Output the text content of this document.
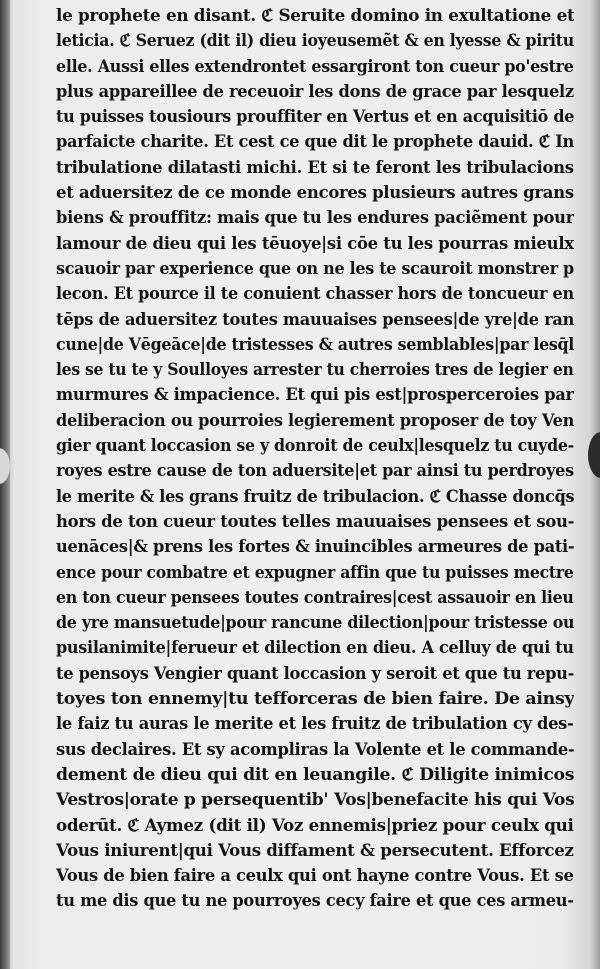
le prophete en disant. ℭ Seruite domino in exultatione et
leticia. ℭ Seruez (dit il) dieu ioyeusemẽt & en lyesse & piritu
elle. Aussi elles extendrontet essargiront ton cueur po'estre
plus appareillee de receuoir les dons de grace par lesquelz
tu puisses tousiours prouffiter en Vertus et en acquisitiō de
parfaicte charite. Et cest ce que dit le prophete dauid. ℭ In
tribulatione dilatasti michi. Et si te feront les tribulacions
et aduersitez de ce monde encores plusieurs autres grans
biens & prouffitz: mais que tu les endures paciẽment pour
lamour de dieu qui les tēuoye|si cōe tu les pourras mieulx
scauoir par experience que on ne les te scauroit monstrer p
lecon. Et pource il te conuient chasser hors de toncueur en
tēps de aduersitez toutes mauuaises pensees|de yre|de ran
cune|de Vēgeāce|de tristesses & autres semblables|par lesq̄l
les se tu te y Soulloyes arrester tu cherroies tres de legier en
murmures & impacience. Et qui pis est|prosperceroies par
deliberacion ou pourroies legierement proposer de toy Ven
gier quant loccasion se y donroit de ceulx|lesquelz tu cuyde-
royes estre cause de ton aduersite|et par ainsi tu perdroyes
le merite & les grans fruitz de tribulacion. ℭ Chasse doncq̄s
hors de ton cueur toutes telles mauuaises pensees et sou-
uenāces|& prens les fortes & inuincibles armeures de pati-
ence pour combatre et expugner affin que tu puisses mectre
en ton cueur pensees toutes contraires|cest assauoir en lieu
de yre mansuetude|pour rancune dilection|pour tristesse ou
pusilanimite|ferueur et dilection en dieu. A celluy de qui tu
te pensoys Vengier quant loccasion y seroit et que tu repu-
toyes ton ennemy|tu tefforceras de bien faire. De ainsy
le faiz tu auras le merite et les fruitz de tribulation cy des-
sus declaires. Et sy acompliras la Volente et le commande-
dement de dieu qui dit en leuangile. ℭ Diligite inimicos
Vestros|orate p persequentib' Vos|benefacite his qui Vos
oderūt. ℭ Aymez (dit il) Voz ennemis|priez pour ceulx qui
Vous iniurent|qui Vous diffament & persecutent. Efforcez
Vous de bien faire a ceulx qui ont hayne contre Vous. Et se
tu me dis que tu ne pourroyes cecy faire et que ces armeu-
